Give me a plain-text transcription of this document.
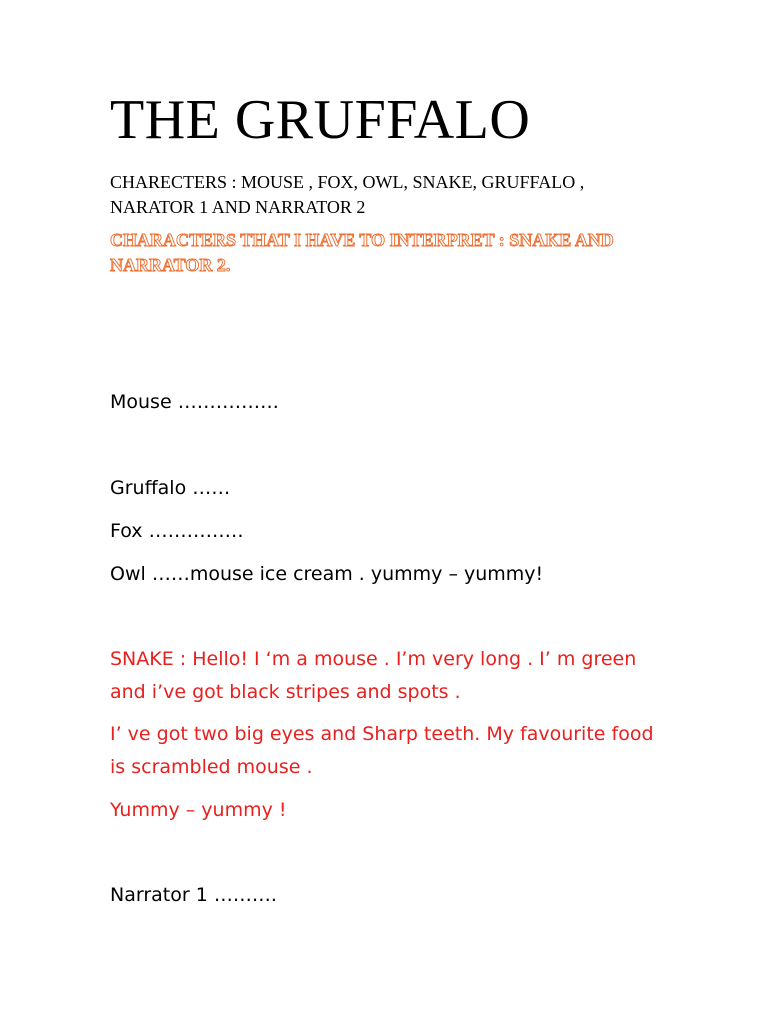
THE GRUFFALO
CHARECTERS : MOUSE , FOX, OWL, SNAKE, GRUFFALO , NARATOR 1 AND NARRATOR 2
CHARACTERS THAT I HAVE TO INTERPRET : SNAKE AND NARRATOR 2.
Mouse …………….
Gruffalo ……
Fox ……………
Owl ……mouse ice cream . yummy – yummy!
SNAKE : Hello! I ‘m a mouse . I’m very long . I’ m green and i’ve got black stripes and spots .
I’ ve got two big eyes and Sharp teeth. My favourite food is scrambled mouse .
Yummy – yummy !
Narrator 1 ……….
